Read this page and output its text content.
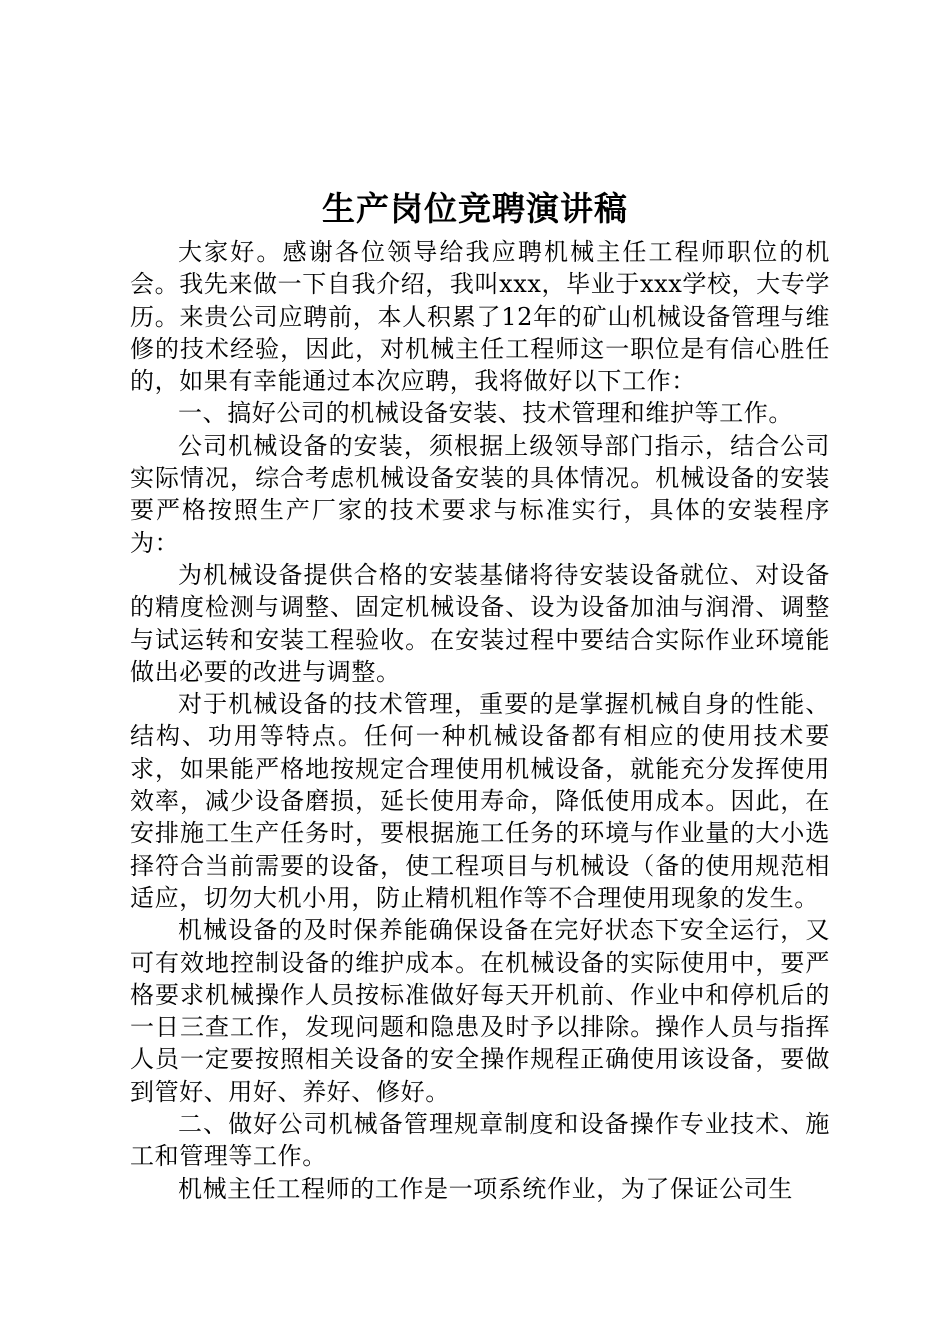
生产岗位竞聘演讲稿

大家好。感谢各位领导给我应聘机械主任工程师职位的机会。我先来做一下自我介绍，我叫xxx，毕业于xxx学校，大专学历。来贵公司应聘前，本人积累了12年的矿山机械设备管理与维修的技术经验，因此，对机械主任工程师这一职位是有信心胜任的，如果有幸能通过本次应聘，我将做好以下工作：

一、搞好公司的机械设备安装、技术管理和维护等工作。

公司机械设备的安装，须根据上级领导部门指示，结合公司实际情况，综合考虑机械设备安装的具体情况。机械设备的安装要严格按照生产厂家的技术要求与标准实行，具体的安装程序为：

为机械设备提供合格的安装基储将待安装设备就位、对设备的精度检测与调整、固定机械设备、设为设备加油与润滑、调整与试运转和安装工程验收。在安装过程中要结合实际作业环境能做出必要的改进与调整。

对于机械设备的技术管理，重要的是掌握机械自身的性能、结构、功用等特点。任何一种机械设备都有相应的使用技术要求，如果能严格地按规定合理使用机械设备，就能充分发挥使用效率，减少设备磨损，延长使用寿命，降低使用成本。因此，在安排施工生产任务时，要根据施工任务的环境与作业量的大小选择符合当前需要的设备，使工程项目与机械设（备的使用规范相适应，切勿大机小用，防止精机粗作等不合理使用现象的发生。

机械设备的及时保养能确保设备在完好状态下安全运行，又可有效地控制设备的维护成本。在机械设备的实际使用中，要严格要求机械操作人员按标准做好每天开机前、作业中和停机后的一日三查工作，发现问题和隐患及时予以排除。操作人员与指挥人员一定要按照相关设备的安全操作规程正确使用该设备，要做到管好、用好、养好、修好。

二、做好公司机械备管理规章制度和设备操作专业技术、施工和管理等工作。

机械主任工程师的工作是一项系统作业，为了保证公司生
